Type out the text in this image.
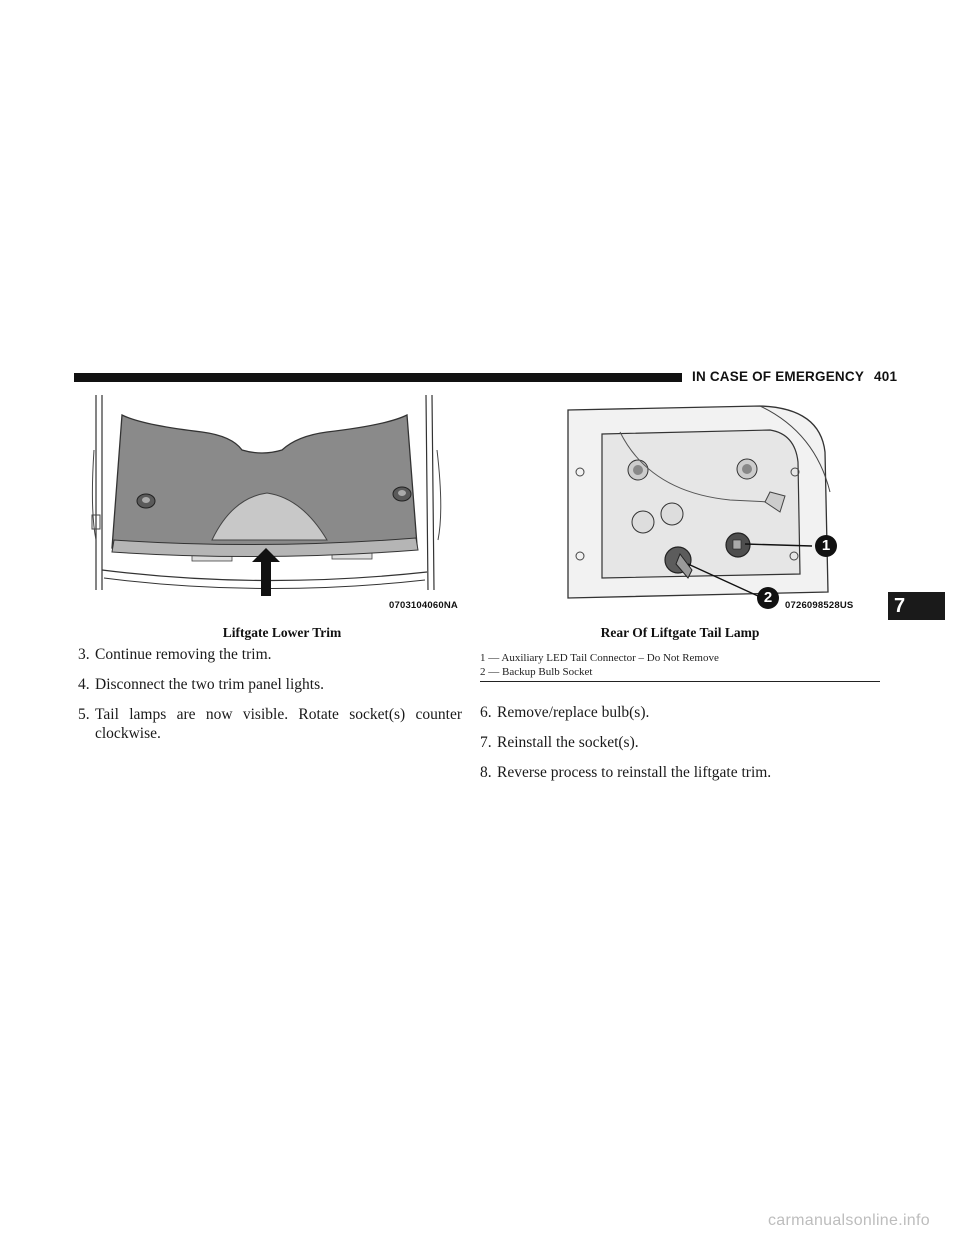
IN CASE OF EMERGENCY 401
0703104060NA
Liftgate Lower Trim
1
2	0726098528US
Rear Of Liftgate Tail Lamp
1 — Auxiliary LED Tail Connector – Do Not Remove
2 — Backup Bulb Socket
3. Continue removing the trim.
4. Disconnect the two trim panel lights.
5. Tail lamps are now visible. Rotate socket(s) counter clockwise.
6. Remove/replace bulb(s).
7. Reinstall the socket(s).
8. Reverse process to reinstall the liftgate trim.
7
carmanualsonline.info
